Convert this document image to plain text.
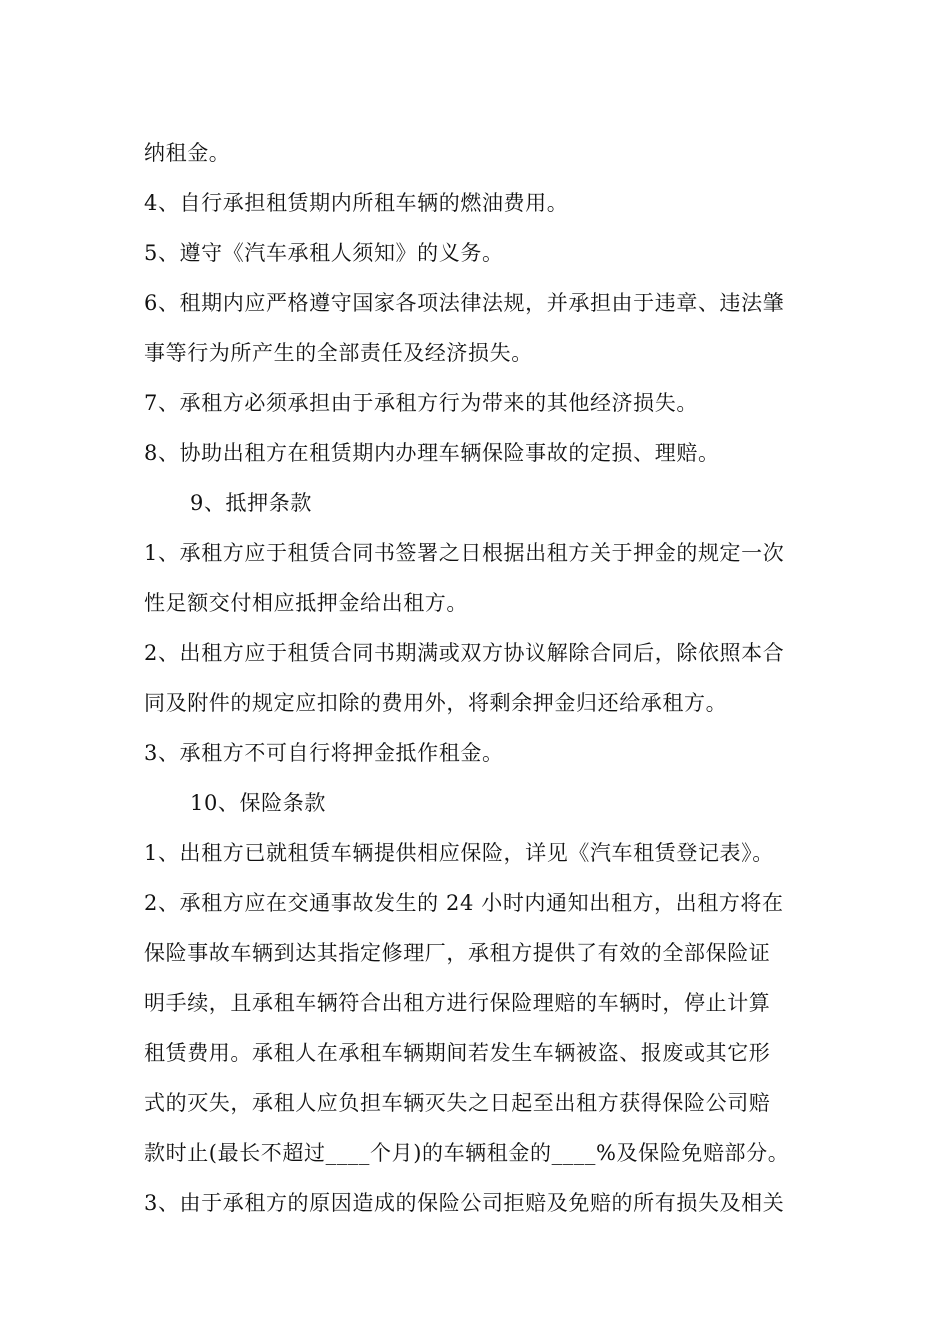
纳租金。
4、自行承担租赁期内所租车辆的燃油费用。
5、遵守《汽车承租人须知》的义务。
6、租期内应严格遵守国家各项法律法规，并承担由于违章、违法肇
事等行为所产生的全部责任及经济损失。
7、承租方必须承担由于承租方行为带来的其他经济损失。
8、协助出租方在租赁期内办理车辆保险事故的定损、理赔。
9、抵押条款
1、承租方应于租赁合同书签署之日根据出租方关于押金的规定一次
性足额交付相应抵押金给出租方。
2、出租方应于租赁合同书期满或双方协议解除合同后，除依照本合
同及附件的规定应扣除的费用外，将剩余押金归还给承租方。
3、承租方不可自行将押金抵作租金。
10、保险条款
1、出租方已就租赁车辆提供相应保险，详见《汽车租赁登记表》。
2、承租方应在交通事故发生的 24 小时内通知出租方，出租方将在
保险事故车辆到达其指定修理厂，承租方提供了有效的全部保险证
明手续，且承租车辆符合出租方进行保险理赔的车辆时，停止计算
租赁费用。承租人在承租车辆期间若发生车辆被盗、报废或其它形
式的灭失，承租人应负担车辆灭失之日起至出租方获得保险公司赔
款时止(最长不超过____个月)的车辆租金的____%及保险免赔部分。
3、由于承租方的原因造成的保险公司拒赔及免赔的所有损失及相关
